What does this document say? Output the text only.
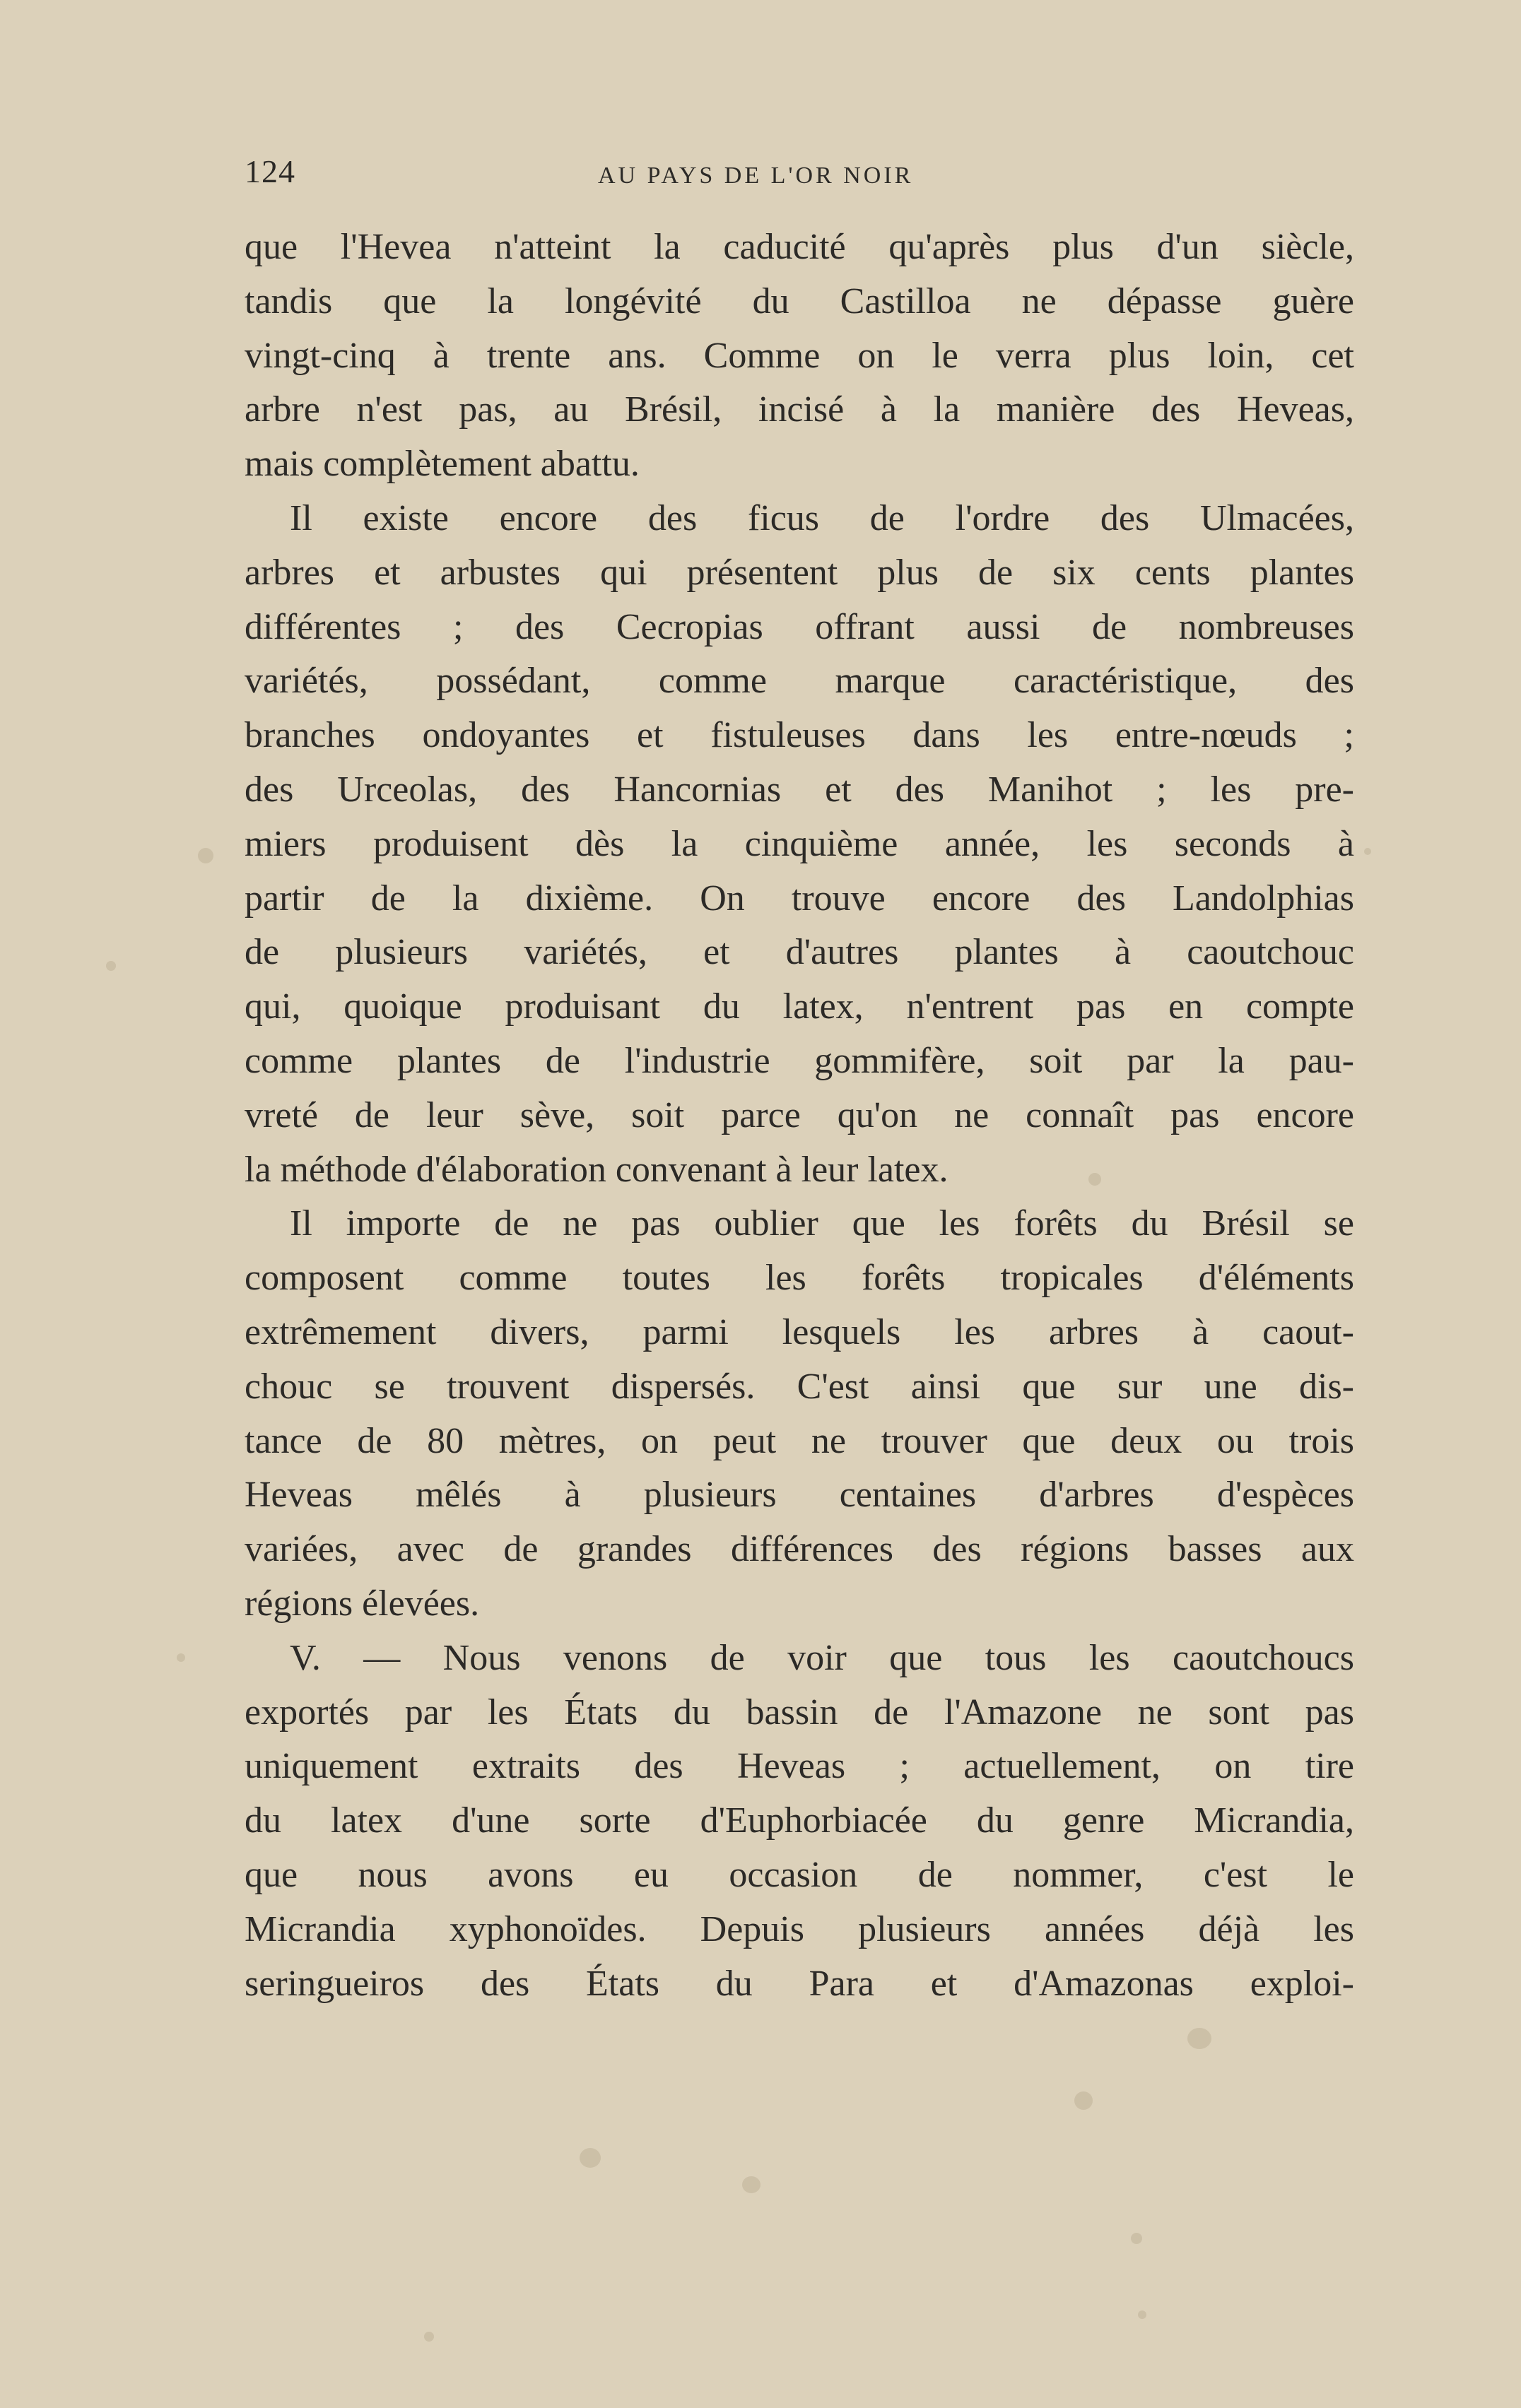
124	AU PAYS DE L'OR NOIR
que l'Hevea n'atteint la caducité qu'après plus d'un siècle,
tandis que la longévité du Castilloa ne dépasse guère
vingt-cinq à trente ans. Comme on le verra plus loin, cet
arbre n'est pas, au Brésil, incisé à la manière des Heveas,
mais complètement abattu.
Il existe encore des ficus de l'ordre des Ulmacées,
arbres et arbustes qui présentent plus de six cents plantes
différentes ; des Cecropias offrant aussi de nombreuses
variétés, possédant, comme marque caractéristique, des
branches ondoyantes et fistuleuses dans les entre-nœuds ;
des Urceolas, des Hancornias et des Manihot ; les pre-
miers produisent dès la cinquième année, les seconds à
partir de la dixième. On trouve encore des Landolphias
de plusieurs variétés, et d'autres plantes à caoutchouc
qui, quoique produisant du latex, n'entrent pas en compte
comme plantes de l'industrie gommifère, soit par la pau-
vreté de leur sève, soit parce qu'on ne connaît pas encore
la méthode d'élaboration convenant à leur latex.
Il importe de ne pas oublier que les forêts du Brésil se
composent comme toutes les forêts tropicales d'éléments
extrêmement divers, parmi lesquels les arbres à caout-
chouc se trouvent dispersés. C'est ainsi que sur une dis-
tance de 80 mètres, on peut ne trouver que deux ou trois
Heveas mêlés à plusieurs centaines d'arbres d'espèces
variées, avec de grandes différences des régions basses aux
régions élevées.
V. — Nous venons de voir que tous les caoutchoucs
exportés par les États du bassin de l'Amazone ne sont pas
uniquement extraits des Heveas ; actuellement, on tire
du latex d'une sorte d'Euphorbiacée du genre Micrandia,
que nous avons eu occasion de nommer, c'est le
Micrandia xyphonoïdes. Depuis plusieurs années déjà les
seringueiros des États du Para et d'Amazonas exploi-
